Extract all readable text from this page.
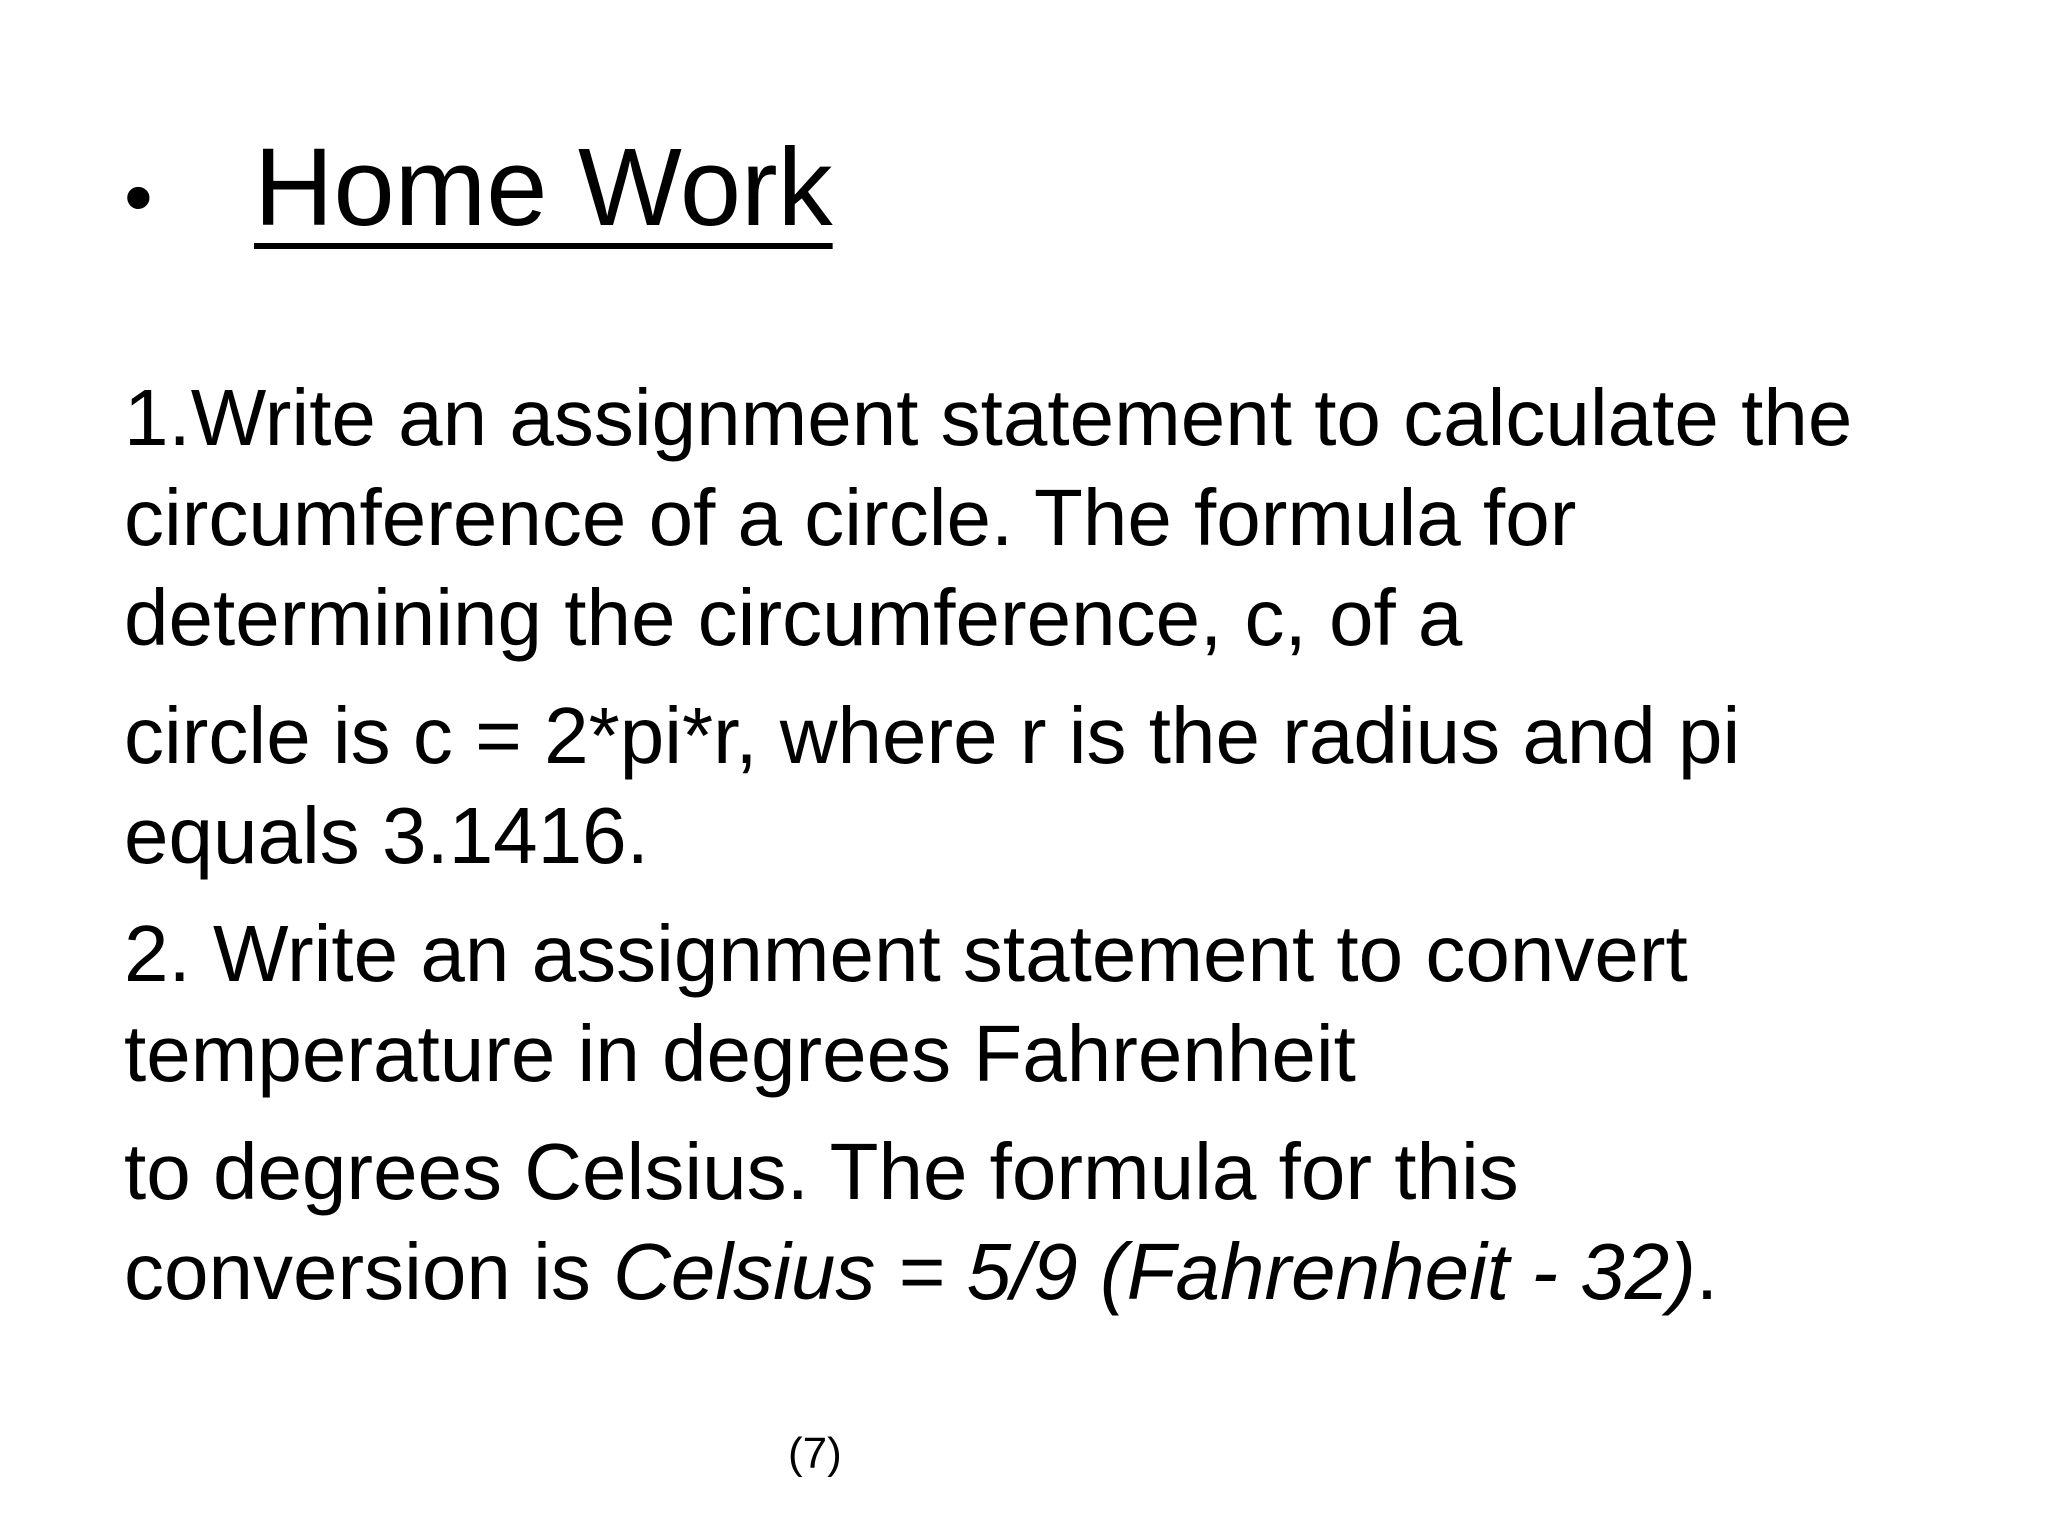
• Home Work

1.Write an assignment statement to calculate the circumference of a circle. The formula for determining the circumference, c, of a

circle is c = 2*pi*r, where r is the radius and pi equals 3.1416.

2. Write an assignment statement to convert temperature in degrees Fahrenheit

to degrees Celsius. The formula for this
conversion is Celsius = 5/9 (Fahrenheit - 32).

(7)
